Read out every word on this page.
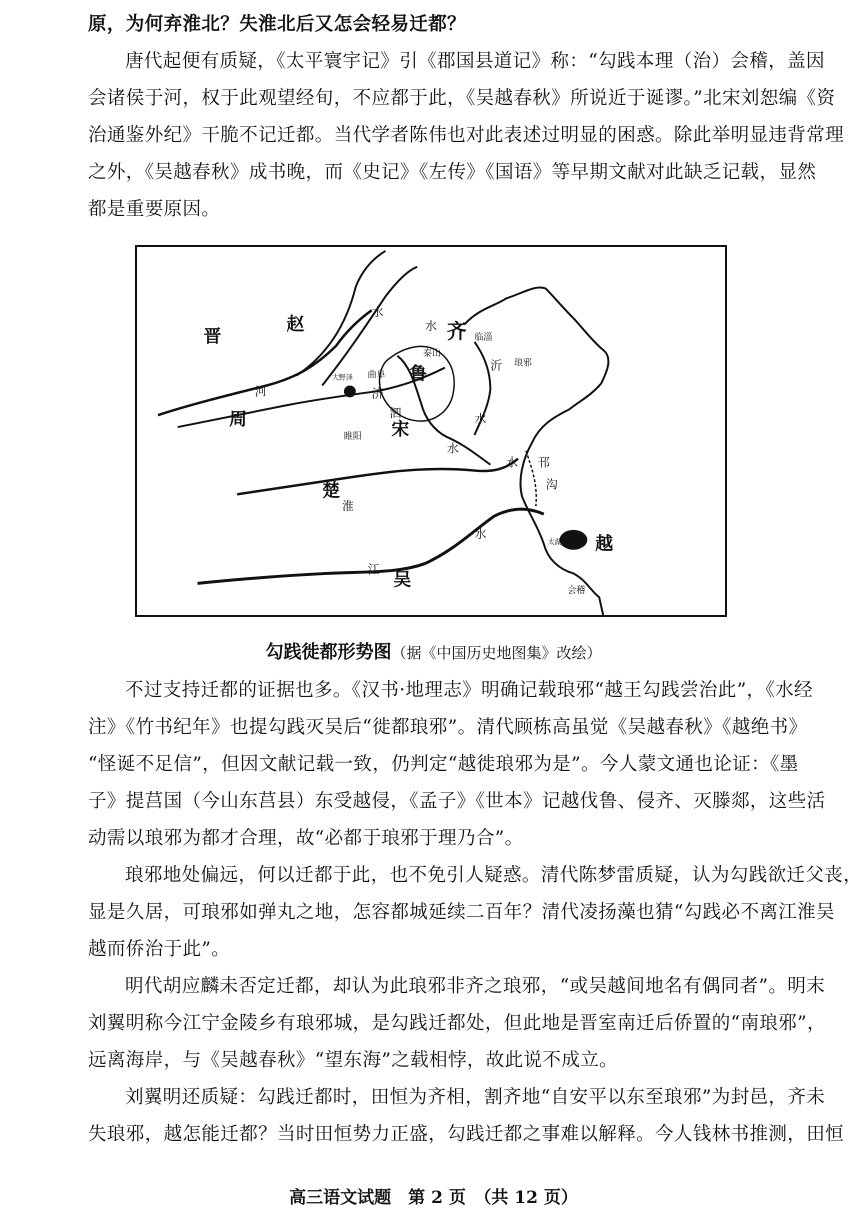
原，为何弃淮北？失淮北后又怎会轻易迁都？
唐代起便有质疑，《太平寰宇记》引《郡国县道记》称：“勾践本理（治）会稽，盖因
会诸侯于河，权于此观望经旬，不应都于此，《吴越春秋》所说近于诞谬。”北宋刘恕编《资
治通鉴外纪》干脆不记迁都。当代学者陈伟也对此表述过明显的困惑。除此举明显违背常理
之外，《吴越春秋》成书晚，而《史记》《左传》《国语》等早期文献对此缺乏记载，显然
都是重要原因。
晋
赵
水
水 齐 临淄
泰山
沂 琅邪
大野泽 曲阜 鲁
河	济
泗	水
周
睢阳 宋
水
水 邗
沟
楚
淮
水
太湖 越
江 吴
会稽
勾践徙都形势图（据《中国历史地图集》改绘）
不过支持迁都的证据也多。《汉书·地理志》明确记载琅邪“越王勾践尝治此”，《水经
注》《竹书纪年》也提勾践灭吴后“徙都琅邪”。清代顾栋高虽觉《吴越春秋》《越绝书》
“怪诞不足信”，但因文献记载一致，仍判定“越徙琅邪为是”。今人蒙文通也论证：《墨
子》提莒国（今山东莒县）东受越侵，《孟子》《世本》记越伐鲁、侵齐、灭滕郯，这些活
动需以琅邪为都才合理，故“必都于琅邪于理乃合”。
琅邪地处偏远，何以迁都于此，也不免引人疑惑。清代陈梦雷质疑，认为勾践欲迁父丧，
显是久居，可琅邪如弹丸之地，怎容都城延续二百年？清代凌扬藻也猜“勾践必不离江淮吴
越而侨治于此”。
明代胡应麟未否定迁都，却认为此琅邪非齐之琅邪，“或吴越间地名有偶同者”。明末
刘翼明称今江宁金陵乡有琅邪城，是勾践迁都处，但此地是晋室南迁后侨置的“南琅邪”，
远离海岸，与《吴越春秋》“望东海”之载相悖，故此说不成立。
刘翼明还质疑：勾践迁都时，田恒为齐相，割齐地“自安平以东至琅邪”为封邑，齐未
失琅邪，越怎能迁都？当时田恒势力正盛，勾践迁都之事难以解释。今人钱林书推测，田恒
高三语文试题　第 2 页　（共 12 页）
